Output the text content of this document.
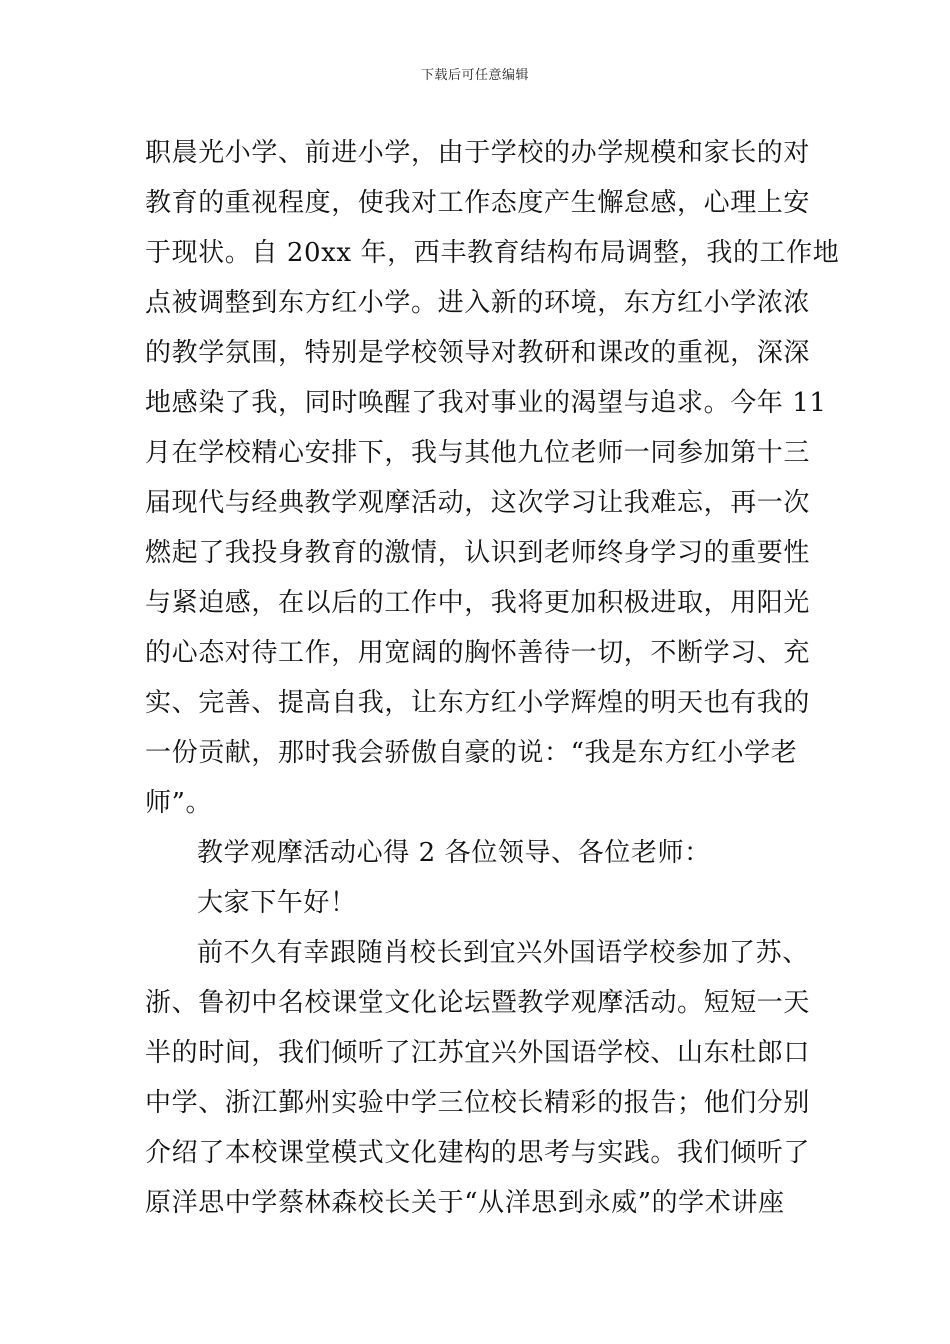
下载后可任意编辑
职晨光小学、前进小学，由于学校的办学规模和家长的对
教育的重视程度，使我对工作态度产生懈怠感，心理上安
于现状。自 20xx 年，西丰教育结构布局调整，我的工作地
点被调整到东方红小学。进入新的环境，东方红小学浓浓
的教学氛围，特别是学校领导对教研和课改的重视，深深
地感染了我，同时唤醒了我对事业的渴望与追求。今年 11
月在学校精心安排下，我与其他九位老师一同参加第十三
届现代与经典教学观摩活动，这次学习让我难忘，再一次
燃起了我投身教育的激情，认识到老师终身学习的重要性
与紧迫感，在以后的工作中，我将更加积极进取，用阳光
的心态对待工作，用宽阔的胸怀善待一切，不断学习、充
实、完善、提高自我，让东方红小学辉煌的明天也有我的
一份贡献，那时我会骄傲自豪的说：“我是东方红小学老
师”。
教学观摩活动心得 2 各位领导、各位老师：
大家下午好！
前不久有幸跟随肖校长到宜兴外国语学校参加了苏、
浙、鲁初中名校课堂文化论坛暨教学观摩活动。短短一天
半的时间，我们倾听了江苏宜兴外国语学校、山东杜郎口
中学、浙江鄞州实验中学三位校长精彩的报告；他们分别
介绍了本校课堂模式文化建构的思考与实践。我们倾听了
原洋思中学蔡林森校长关于“从洋思到永威”的学术讲座
